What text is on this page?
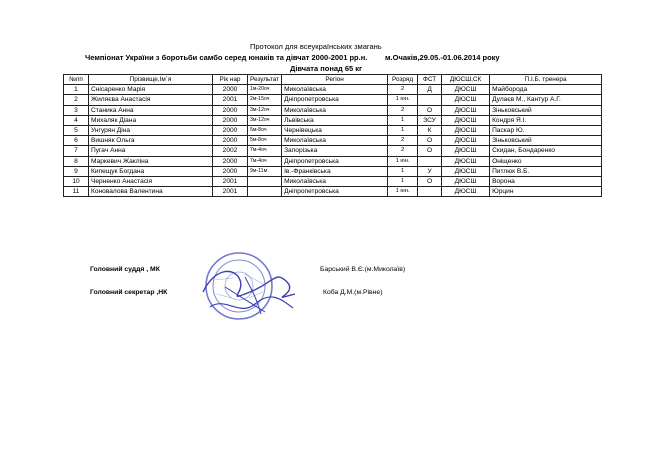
Протокол для всеукраїнських змагань
Чемпіонат України з боротьби самбо серед юнаків та дівчат 2000-2001 рр.н. м.Очаків,29.05.-01.06.2014 року
Дівчата понад 65 кг
№пп	Прізвище,Ім`я	Рік нар	Результат	Регіон	Розряд	ФСТ	ДЮСШ,СК	П.І.Б. тренера
1	Снісаренко Марія	2000	1м-20оч	Миколаївська	2	Д	ДЮСШ	Майборода
2	Жиляєва Анастасія	2001	2м-15оч	Дніпропетровська	1 юн.		ДЮСШ	Дулаєв М., Кантур А.Г.
3	Станика Анна	2000	3м-12оч	Миколаївська	2	О	ДЮСШ	Зіньковський
4	Михаляк Діана	2000	3м-12оч	Львівська	1	ЗСУ	ДЮСШ	Кондря Я.І.
5	Унгурян Діна	2000	5м-8оч	Чернівецька	1	К	ДЮСШ	Паскар Ю.
6	Вишняк Ольга	2000	5м-8оч	Миколаївська	2	О	ДЮСШ	Зіньковський
7	Пугач Анна	2002	7м-4оч	Запорізька	2	О	ДЮСШ	Скидан, Бондаренко
8	Маркевич Жакліна	2000	7м-4оч	Дніпропетровська	1 юн.		ДЮСШ	Оніщенко
9	Кипещук Богдана	2000	9м-11м	Ів.-Франківська	1	У	ДЮСШ	Питлюк В.Б.
10	Черненко Анастасія	2001		Миколаївська	1	О	ДЮСШ	Ворона
11	Коновалова Валентина	2001		Дніпропетровська	1 юн.		ДЮСШ	Юрцин
Головний суддя , МК	Барський В.Є.(м.Миколаїв)
Головний секретар ,НК	Коба Д.М.(м.Рівне)
